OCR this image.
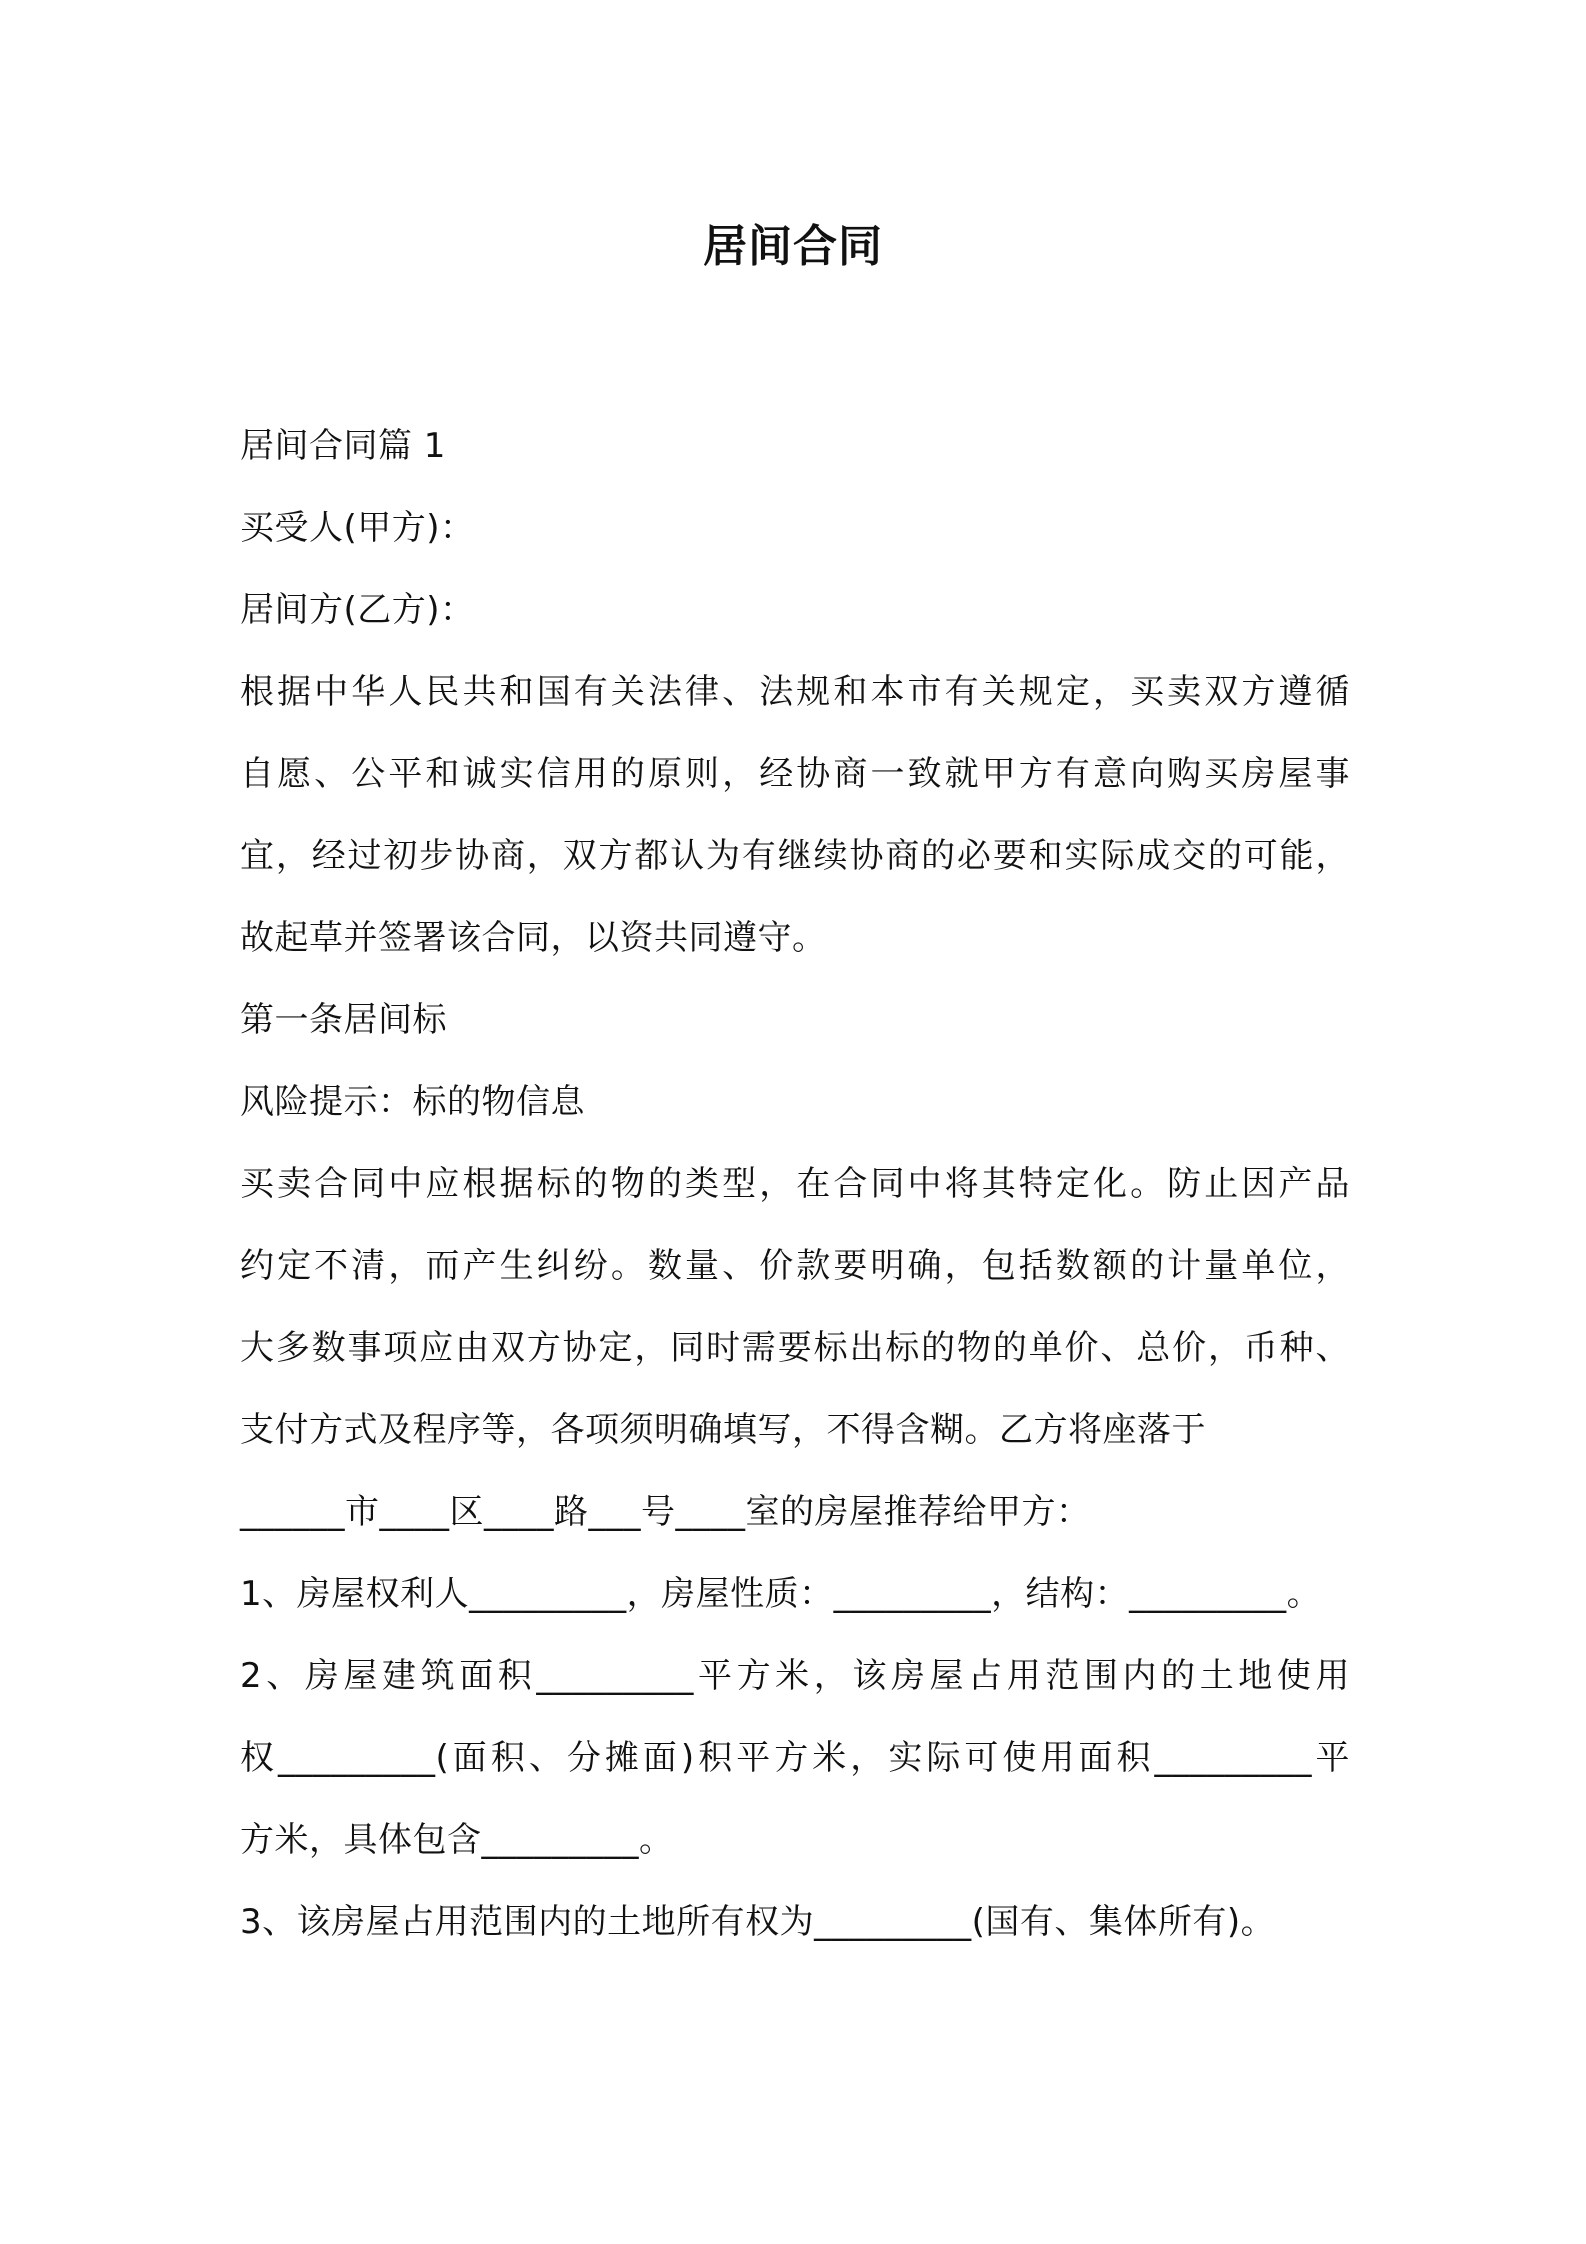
居间合同
居间合同篇 1
买受人(甲方)：
居间方(乙方)：
根据中华人民共和国有关法律、法规和本市有关规定，买卖双方遵循
自愿、公平和诚实信用的原则，经协商一致就甲方有意向购买房屋事
宜，经过初步协商，双方都认为有继续协商的必要和实际成交的可能，
故起草并签署该合同，以资共同遵守。
第一条居间标
风险提示：标的物信息
买卖合同中应根据标的物的类型，在合同中将其特定化。防止因产品
约定不清，而产生纠纷。数量、价款要明确，包括数额的计量单位，
大多数事项应由双方协定，同时需要标出标的物的单价、总价，币种、
支付方式及程序等，各项须明确填写，不得含糊。乙方将座落于
______市____区____路___号____室的房屋推荐给甲方：
1、房屋权利人_________，房屋性质：_________，结构：_________。
2、房屋建筑面积_________平方米，该房屋占用范围内的土地使用
权_________(面积、分摊面)积平方米，实际可使用面积_________平
方米，具体包含_________。
3、该房屋占用范围内的土地所有权为_________(国有、集体所有)。
